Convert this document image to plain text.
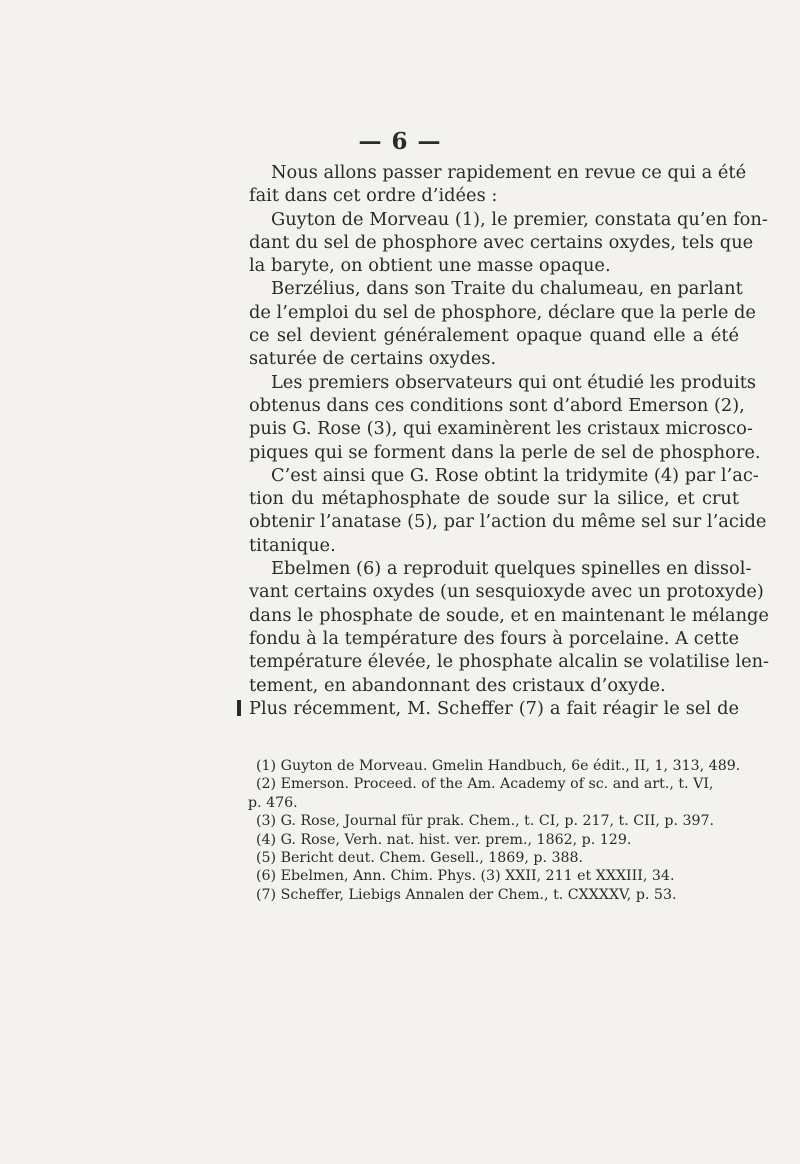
— 6 —
Nous allons passer rapidement en revue ce qui a été
fait dans cet ordre d’idées :
Guyton de Morveau (1), le premier, constata qu’en fon-
dant du sel de phosphore avec certains oxydes, tels que
la baryte, on obtient une masse opaque.
Berzélius, dans son Traite du chalumeau, en parlant
de l’emploi du sel de phosphore, déclare que la perle de
ce sel devient généralement opaque quand elle a été
saturée de certains oxydes.
Les premiers observateurs qui ont étudié les produits
obtenus dans ces conditions sont d’abord Emerson (2),
puis G. Rose (3), qui examinèrent les cristaux microsco-
piques qui se forment dans la perle de sel de phosphore.
C’est ainsi que G. Rose obtint la tridymite (4) par l’ac-
tion du métaphosphate de soude sur la silice, et crut
obtenir l’anatase (5), par l’action du même sel sur l’acide
titanique.
Ebelmen (6) a reproduit quelques spinelles en dissol-
vant certains oxydes (un sesquioxyde avec un protoxyde)
dans le phosphate de soude, et en maintenant le mélange
fondu à la température des fours à porcelaine. A cette
température élevée, le phosphate alcalin se volatilise len-
tement, en abandonnant des cristaux d’oxyde.
Plus récemment, M. Scheffer (7) a fait réagir le sel de
(1) Guyton de Morveau. Gmelin Handbuch, 6e édit., II, 1, 313, 489.
(2) Emerson. Proceed. of the Am. Academy of sc. and art., t. VI,
p. 476.
(3) G. Rose, Journal für prak. Chem., t. CI, p. 217, t. CII, p. 397.
(4) G. Rose, Verh. nat. hist. ver. prem., 1862, p. 129.
(5) Bericht deut. Chem. Gesell., 1869, p. 388.
(6) Ebelmen, Ann. Chim. Phys. (3) XXII, 211 et XXXIII, 34.
(7) Scheffer, Liebigs Annalen der Chem., t. CXXXXV, p. 53.
